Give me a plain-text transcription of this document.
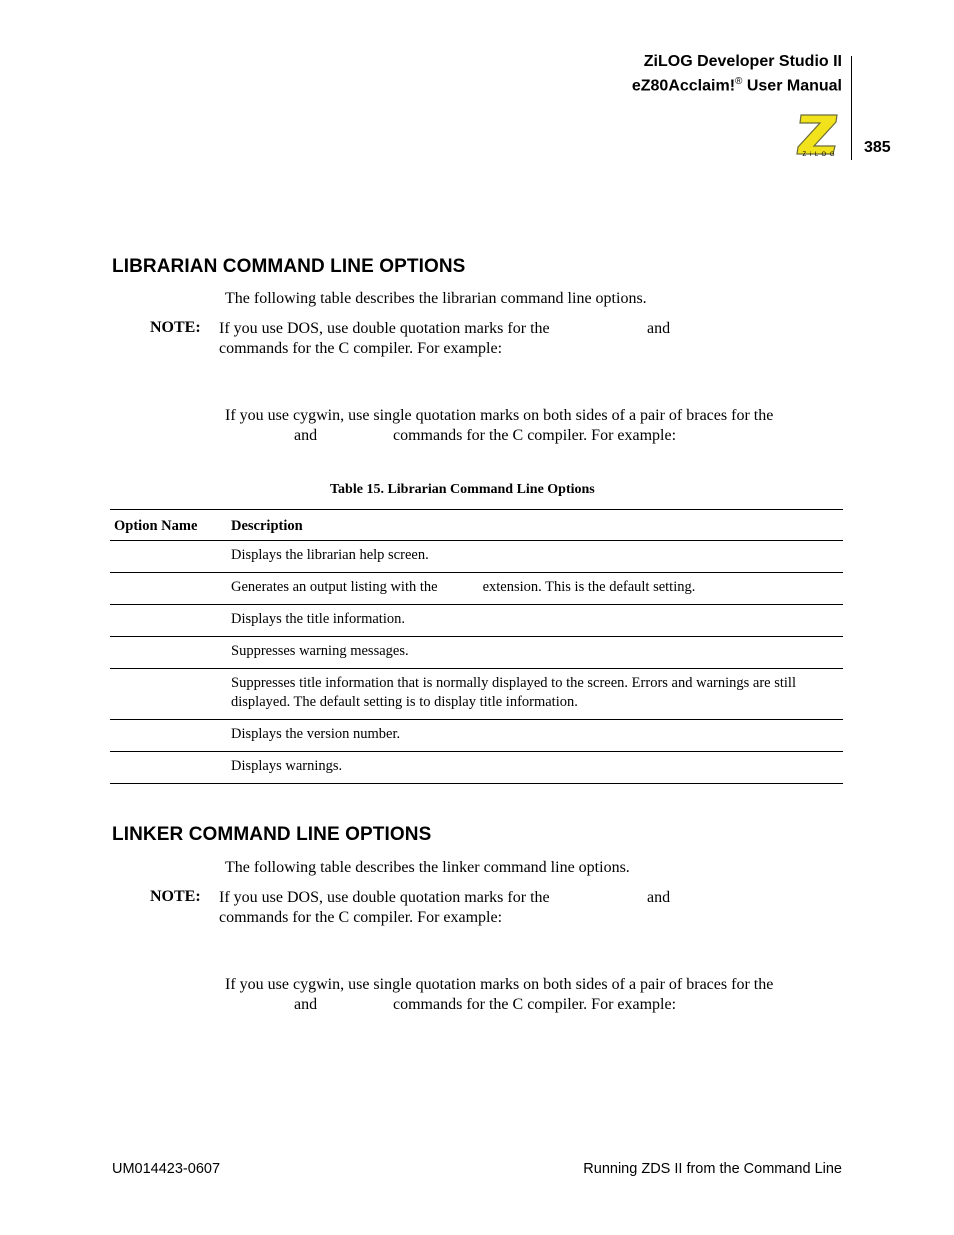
ZiLOG Developer Studio II
eZ80Acclaim!® User Manual
385
Z i L O G
LIBRARIAN COMMAND LINE OPTIONS
The following table describes the librarian command line options.
NOTE: If you use DOS, use double quotation marks for the	and
commands for the C compiler. For example:
If you use cygwin, use single quotation marks on both sides of a pair of braces for the
and	commands for the C compiler. For example:
Table 15. Librarian Command Line Options
Option Name	Description
	Displays the librarian help screen.
	Generates an output listing with the extension. This is the default setting.
	Displays the title information.
	Suppresses warning messages.
	Suppresses title information that is normally displayed to the screen. Errors and warnings are still displayed. The default setting is to display title information.
	Displays the version number.
	Displays warnings.
LINKER COMMAND LINE OPTIONS
The following table describes the linker command line options.
NOTE: If you use DOS, use double quotation marks for the	and
commands for the C compiler. For example:
If you use cygwin, use single quotation marks on both sides of a pair of braces for the
and	commands for the C compiler. For example:
UM014423-0607	Running ZDS II from the Command Line
